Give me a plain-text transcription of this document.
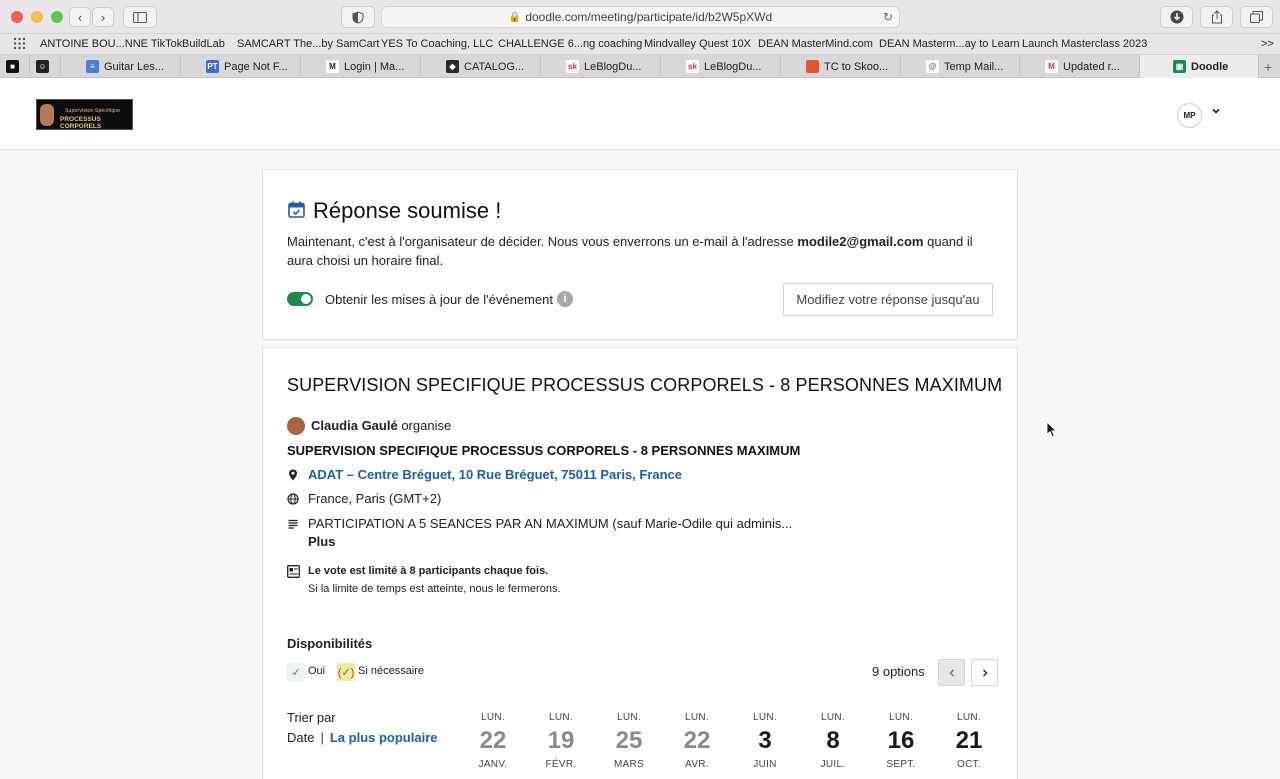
‹	›	🔒 doodle.com/meeting/participate/id/b2W5pXWd	↻
ANTOINE BOU...NNE TikTok BuildLab SAMCART The...by SamCart YES To Coaching, LLC CHALLENGE 6...ng coaching Mindvalley Quest 10X DEAN MasterMind.com DEAN Masterm...ay to Learn Launch Masterclass 2023	>>
■	☺	≡ Guitar Les...	PT Page Not F...	M Login | Ma...	◆ CATALOG...	sk LeBlogDu...	sk LeBlogDu...	TC to Skoo...	@ Temp Mail...	M Updated r...	▣ Doodle	+
Supervision Spécifique
PROCESSUS CORPORELS
MP
Réponse soumise !
Maintenant, c'est à l'organisateur de décider. Nous vous enverrons un e-mail à l'adresse modile2@gmail.com quand il aura choisi un horaire final.
Obtenir les mises à jour de l'événement i	Modifiez votre réponse jusqu'au
SUPERVISION SPECIFIQUE PROCESSUS CORPORELS - 8 PERSONNES MAXIMUM
Claudia Gaulé organise
SUPERVISION SPECIFIQUE PROCESSUS CORPORELS - 8 PERSONNES MAXIMUM
ADAT – Centre Bréguet, 10 Rue Bréguet, 75011 Paris, France
France, Paris (GMT+2)
PARTICIPATION A 5 SEANCES PAR AN MAXIMUM (sauf Marie-Odile qui adminis...
Plus
Le vote est limité à 8 participants chaque fois.
Si la limite de temps est atteinte, nous le fermerons.
Disponibilités
✓ Oui (✓) Si nécessaire	9 options
Trier par
Date | La plus populaire
LUN.
22
JANV.
LUN.
19
FÉVR.
LUN.
25
MARS
LUN.
22
AVR.
LUN.
3
JUIN
LUN.
8
JUIL.
LUN.
16
SEPT.
LUN.
21
OCT.
